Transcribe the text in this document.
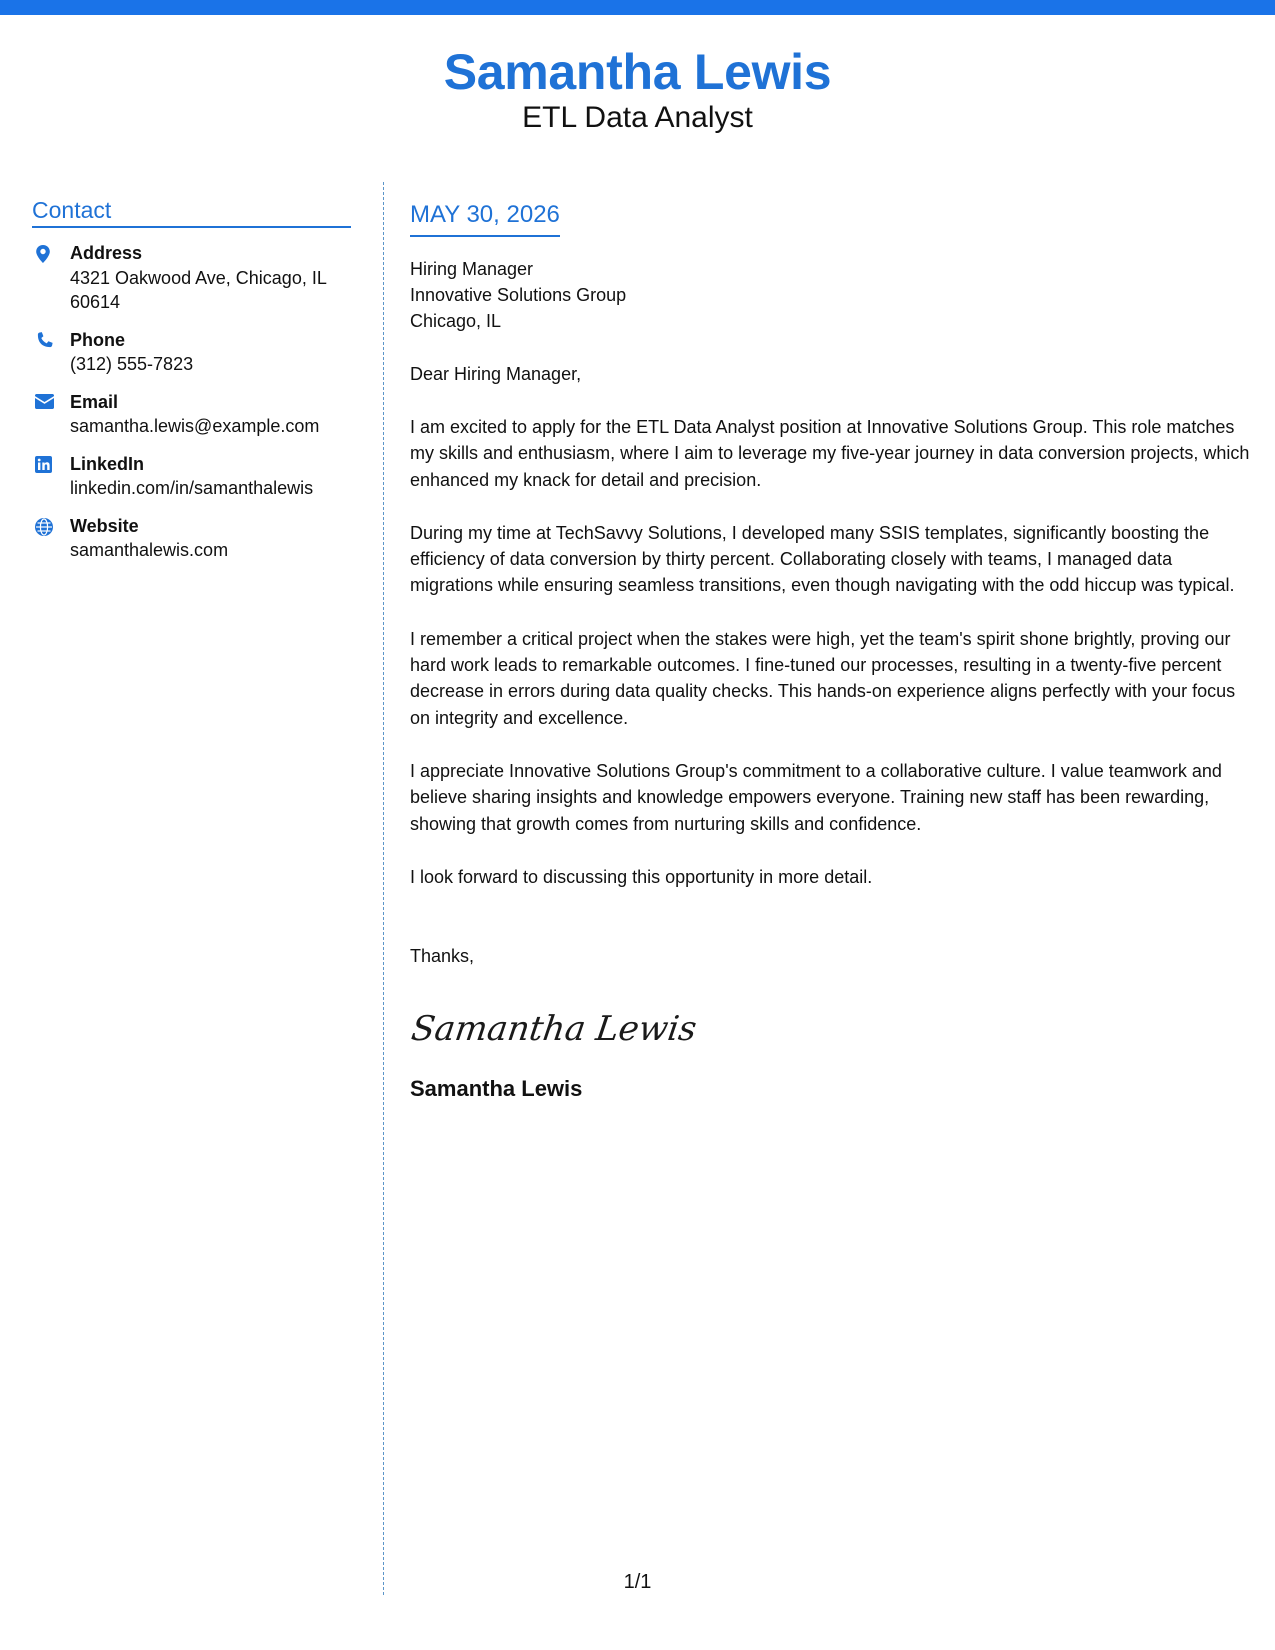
Samantha Lewis
ETL Data Analyst
Contact
Address
4321 Oakwood Ave, Chicago, IL 60614
Phone
(312) 555-7823
Email
samantha.lewis@example.com
LinkedIn
linkedin.com/in/samanthalewis
Website
samanthalewis.com
MAY 30, 2026
Hiring Manager
Innovative Solutions Group
Chicago, IL
Dear Hiring Manager,
I am excited to apply for the ETL Data Analyst position at Innovative Solutions Group. This role matches my skills and enthusiasm, where I aim to leverage my five-year journey in data conversion projects, which enhanced my knack for detail and precision.
During my time at TechSavvy Solutions, I developed many SSIS templates, significantly boosting the efficiency of data conversion by thirty percent. Collaborating closely with teams, I managed data migrations while ensuring seamless transitions, even though navigating with the odd hiccup was typical.
I remember a critical project when the stakes were high, yet the team's spirit shone brightly, proving our hard work leads to remarkable outcomes. I fine-tuned our processes, resulting in a twenty-five percent decrease in errors during data quality checks. This hands-on experience aligns perfectly with your focus on integrity and excellence.
I appreciate Innovative Solutions Group's commitment to a collaborative culture. I value teamwork and believe sharing insights and knowledge empowers everyone. Training new staff has been rewarding, showing that growth comes from nurturing skills and confidence.
I look forward to discussing this opportunity in more detail.
Thanks,
Samantha Lewis
Samantha Lewis
1/1
